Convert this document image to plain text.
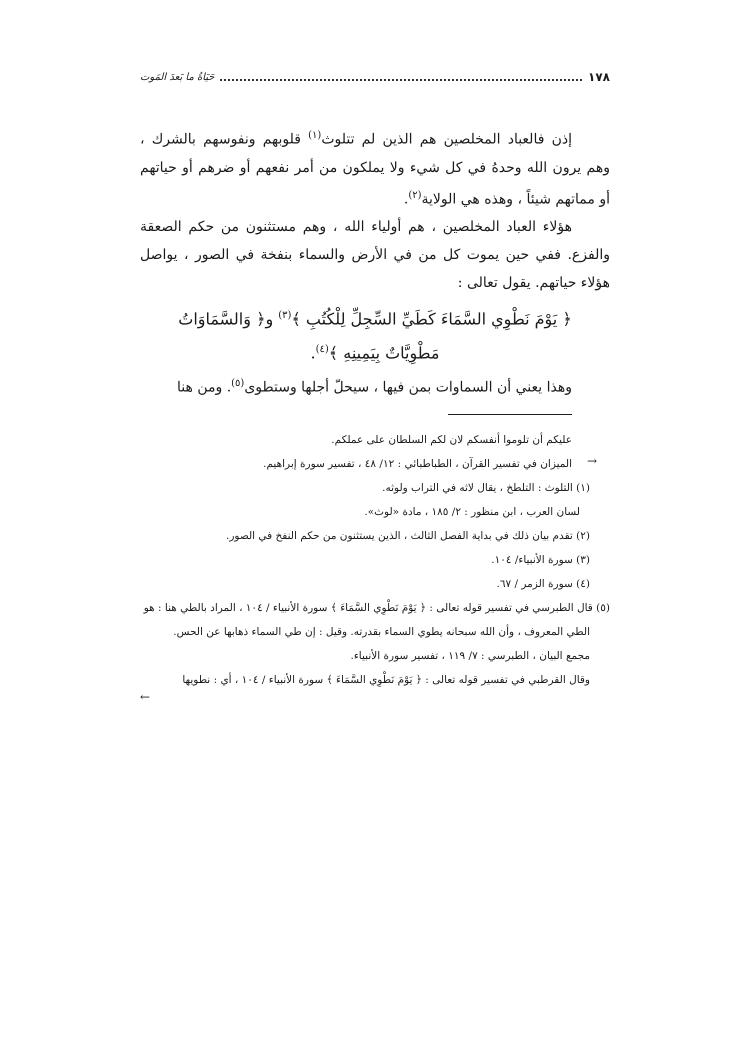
١٧٨
حَيَاةُ ما بَعدَ المَوت

إذن فالعباد المخلصين هم الذين لم تتلوث$^{(١)}$ قلوبهم ونفوسهم بالشرك ، وهم يرون الله وحدهُ في كل شيء ولا يملكون من أمر نفعهم أو ضرهم أو حياتهم أو مماتهم شيئاً ، وهذه هي الولاية$^{(٢)}$.

هؤلاء العباد المخلصين ، هم أولياء الله ، وهم مستثنون من حكم الصعقة والفزع. ففي حين يموت كل من في الأرض والسماء بنفخة في الصور ، يواصل هؤلاء حياتهم. يقول تعالى :

﴿ يَوْمَ نَطْوِي السَّمَاءَ كَطَيِّ السِّجِلِّ لِلْكُتُبِ ﴾$^{(٣)}$ و﴿ وَالسَّمَاوَاتُ
مَطْوِيَّاتٌ بِيَمِينِهِ ﴾$^{(٤)}$.

وهذا يعني أن السماوات بمن فيها ، سيحلّ أجلها وستطوى$^{(٥)}$. ومن هنا

عليكم أن تلوموا أنفسكم لان لكم السلطان على عملكم.

الميزان في تفسير القرآن ، الطباطبائي : ١٢/ ٤٨ ، تفسير سورة إبراهيم.

(١) التلوث : التلطخ ، يقال لاثه في التراب ولوثه.

لسان العرب ، ابن منظور : ٢/ ١٨٥ ، مادة «لوث».

(٢) تقدم بيان ذلك في بداية الفصل الثالث ، الذين يستثنون من حكم النفخ في الصور.

(٣) سورة الأنبياء/ ١٠٤.

(٤) سورة الزمر / ٦٧.

(٥) قال الطبرسي في تفسير قوله تعالى : ﴿ يَوْمَ نَطْوِي السَّمَاءَ ﴾ سورة الأنبياء / ١٠٤ ، المراد بالطي هنا : هو

الطي المعروف ، وأن الله سبحانه يطوي السماء بقدرته. وقيل : إن طي السماء ذهابها عن الحس.

مجمع البيان ، الطبرسي : ٧/ ١١٩ ، تفسير سورة الأنبياء.

وقال القرطبي في تفسير قوله تعالى : ﴿ يَوْمَ نَطْوِي السَّمَاءَ ﴾ سورة الأنبياء / ١٠٤ ، أي : نطويها

←
→
